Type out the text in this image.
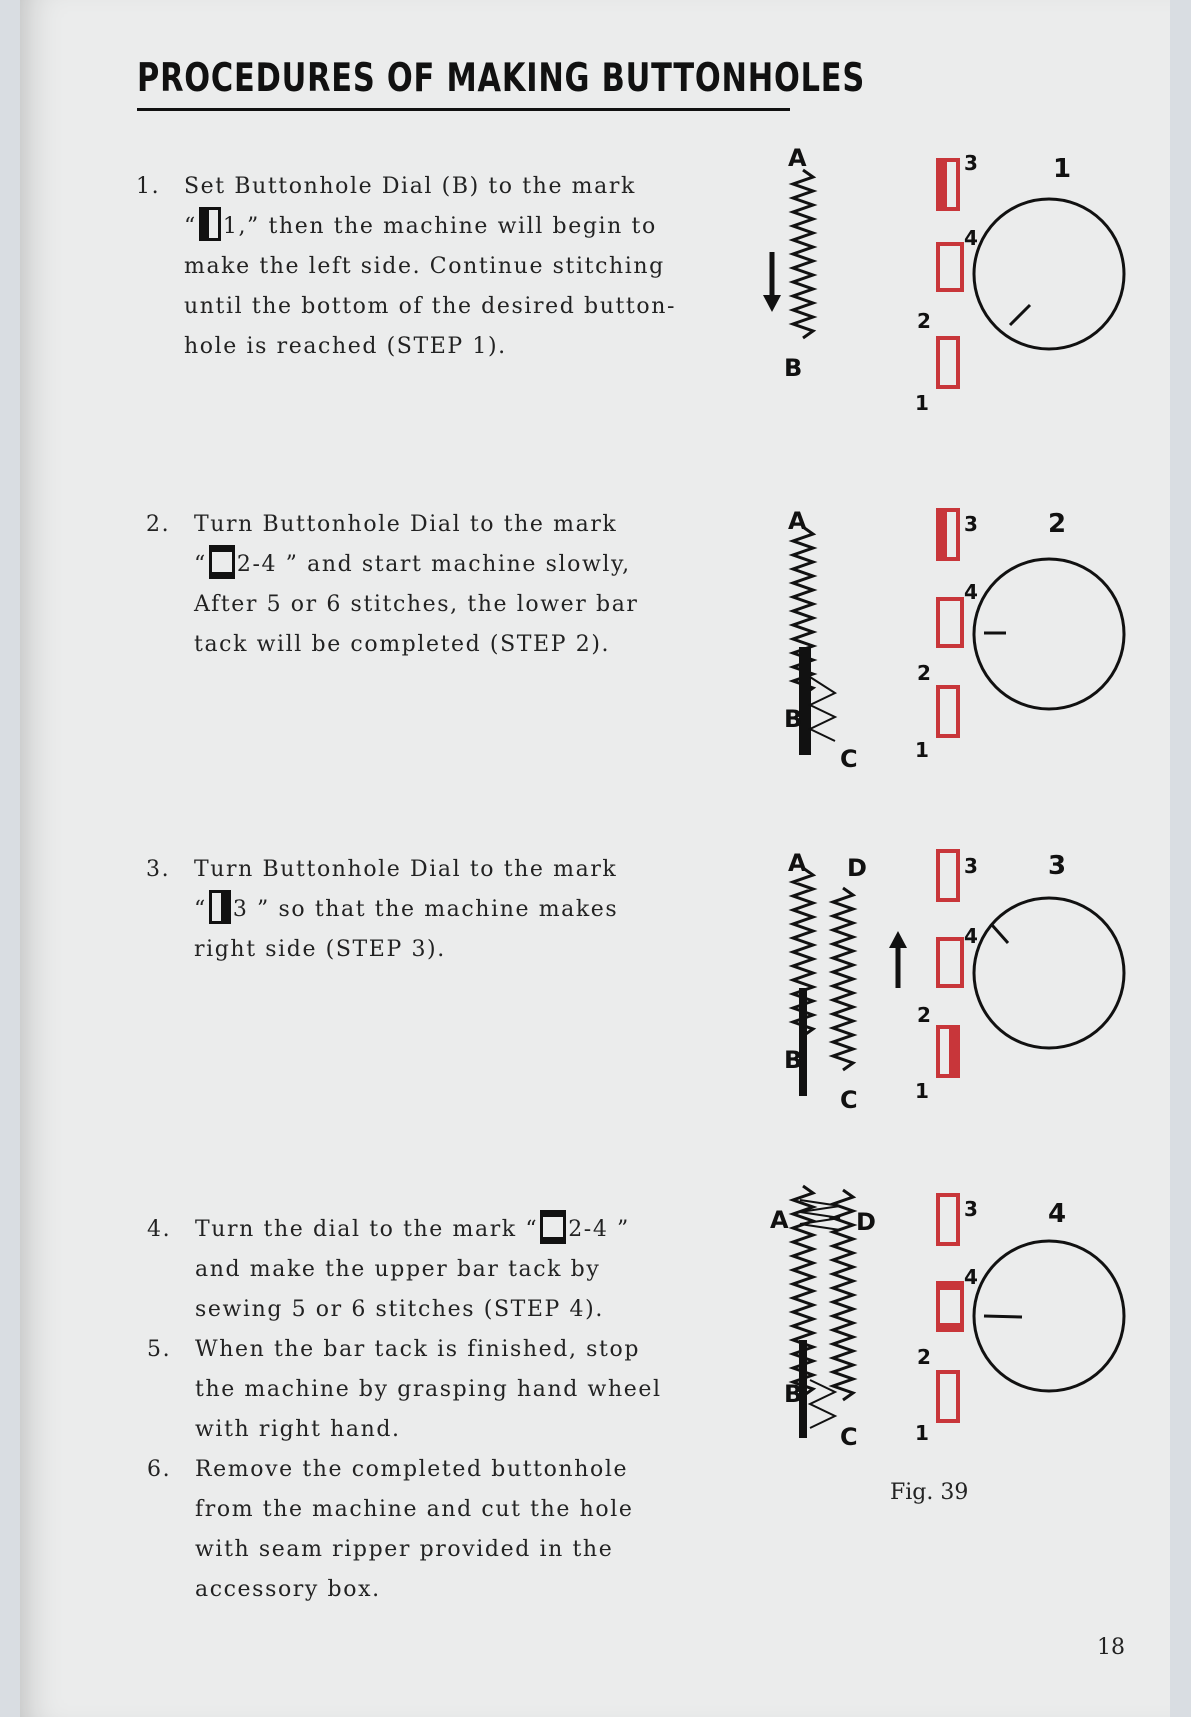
PROCEDURES OF MAKING BUTTONHOLES
1. Set Buttonhole Dial (B) to the mark
“ 1,” then the machine will begin to
make the left side. Continue stitching
until the bottom of the desired button-
hole is reached (STEP 1).
2. Turn Buttonhole Dial to the mark
“ 2-4 ” and start machine slowly,
After 5 or 6 stitches, the lower bar
tack will be completed (STEP 2).
3. Turn Buttonhole Dial to the mark
“ 3 ” so that the machine makes
right side (STEP 3).
4. Turn the dial to the mark “ 2-4 ”
and make the upper bar tack by
sewing 5 or 6 stitches (STEP 4).
5. When the bar tack is finished, stop
the machine by grasping hand wheel
with right hand.
6. Remove the completed buttonhole
from the machine and cut the hole
with seam ripper provided in the
accessory box.
A
B
3
4
2
1
1
B
A
C
3
4
2
1
2
A D
B
C
3
4
2
1
3
A	D
B
C
3
4
2
1
4
Fig. 39
18
